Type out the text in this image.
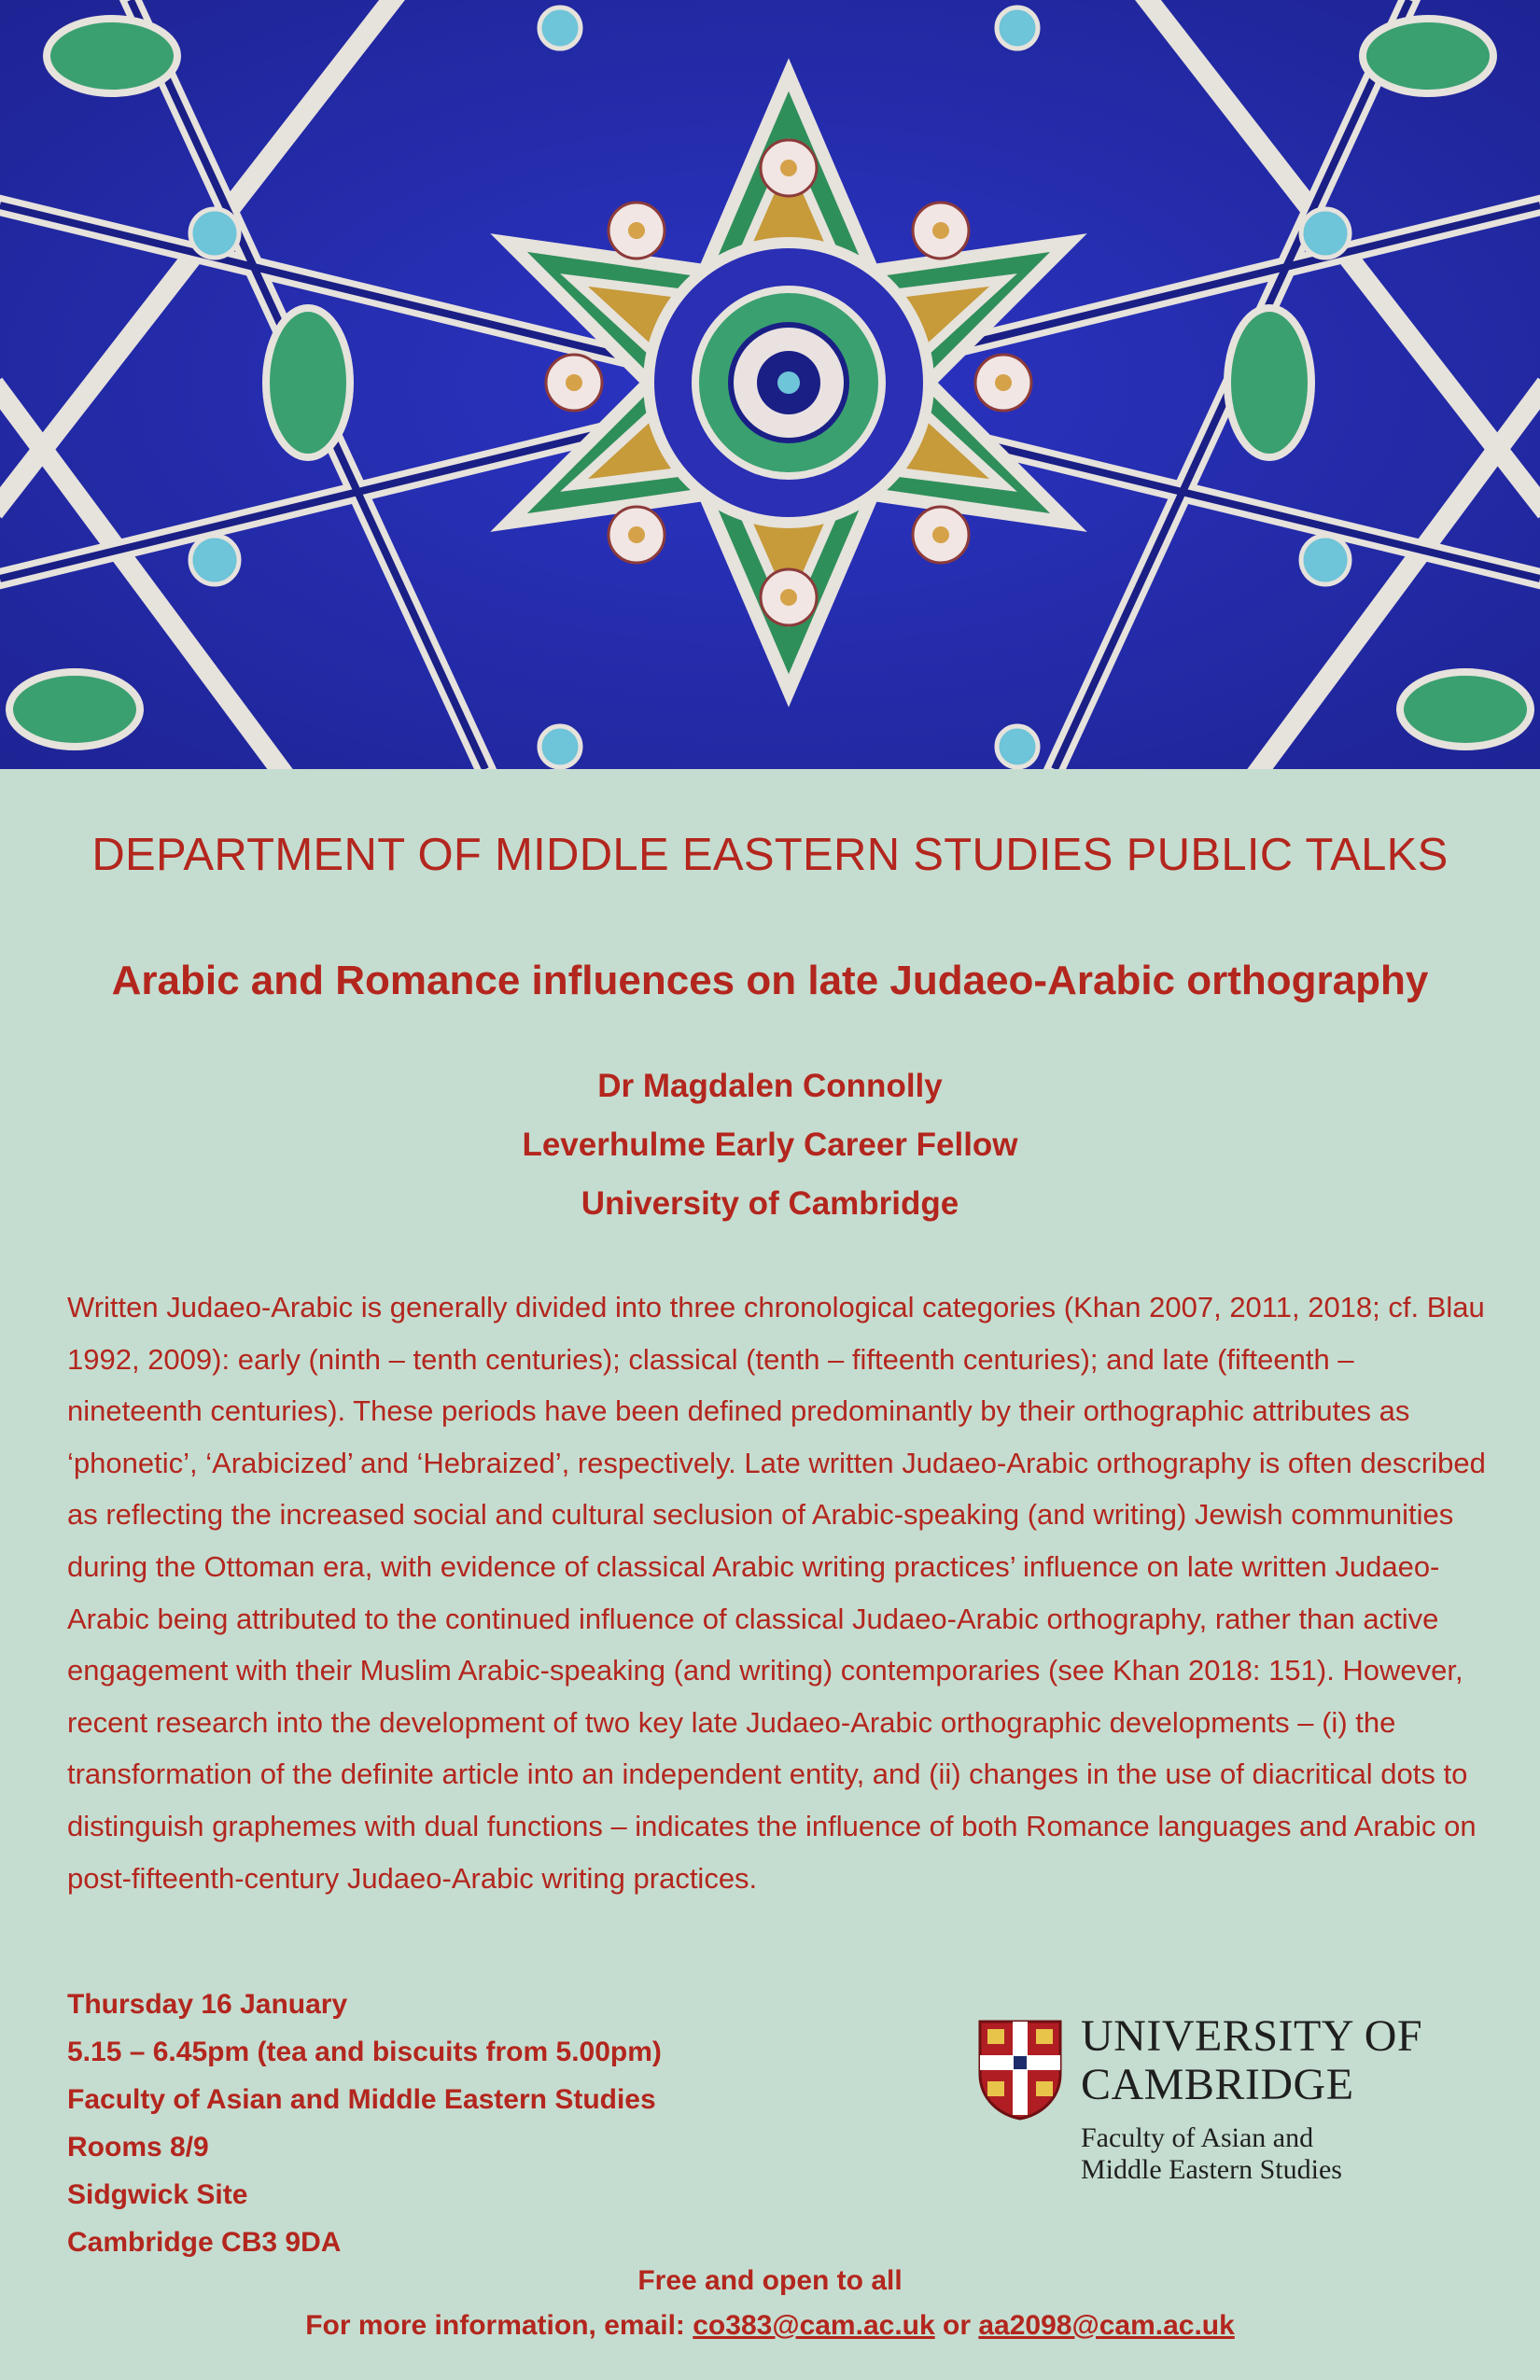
DEPARTMENT OF MIDDLE EASTERN STUDIES PUBLIC TALKS
Arabic and Romance influences on late Judaeo-Arabic orthography
Dr Magdalen Connolly
Leverhulme Early Career Fellow
University of Cambridge

Written Judaeo-Arabic is generally divided into three chronological categories (Khan 2007, 2011, 2018; cf. Blau 1992, 2009): early (ninth – tenth centuries); classical (tenth – fifteenth centuries); and late (fifteenth – nineteenth centuries). These periods have been defined predominantly by their orthographic attributes as ‘phonetic’, ‘Arabicized’ and ‘Hebraized’, respectively. Late written Judaeo-Arabic orthography is often described as reflecting the increased social and cultural seclusion of Arabic-speaking (and writing) Jewish communities during the Ottoman era, with evidence of classical Arabic writing practices’ influence on late written Judaeo-Arabic being attributed to the continued influence of classical Judaeo-Arabic orthography, rather than active engagement with their Muslim Arabic-speaking (and writing) contemporaries (see Khan 2018: 151). However, recent research into the development of two key late Judaeo-Arabic orthographic developments – (i) the transformation of the definite article into an independent entity, and (ii) changes in the use of diacritical dots to distinguish graphemes with dual functions – indicates the influence of both Romance languages and Arabic on post-fifteenth-century Judaeo-Arabic writing practices.

Thursday 16 January
5.15 – 6.45pm (tea and biscuits from 5.00pm)
Faculty of Asian and Middle Eastern Studies
Rooms 8/9
Sidgwick Site
Cambridge CB3 9DA
UNIVERSITY OF
CAMBRIDGE
Faculty of Asian and
Middle Eastern Studies
Free and open to all
For more information, email: co383@cam.ac.uk or aa2098@cam.ac.uk
